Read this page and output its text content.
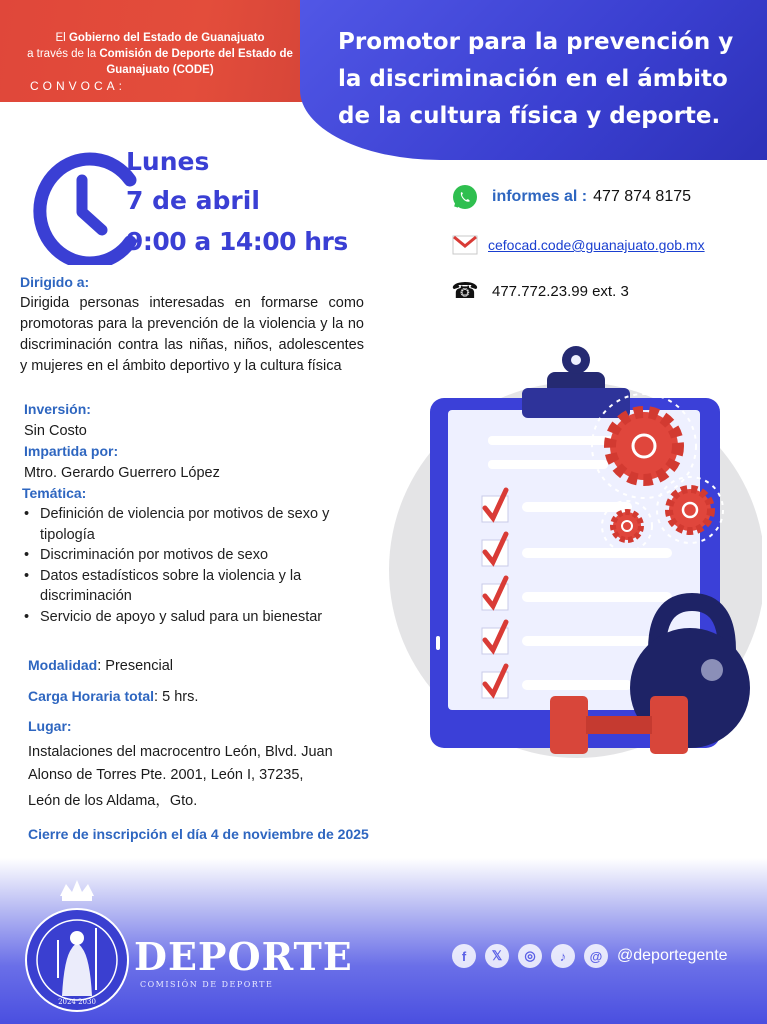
El Gobierno del Estado de Guanajuato
a través de la Comisión de Deporte del Estado de Guanajuato (CODE)
CONVOCA:
Promotor para la prevención y
la discriminación en el ámbito
de la cultura física y deporte.
Lunes
7 de abril
9:00 a 14:00 hrs
informes al : 477 874 8175
cefocad.code@guanajuato.gob.mx
☎ 477.772.23.99 ext. 3
Dirigido a:
Dirigida personas interesadas en formarse como promotoras para la prevención de la violencia y la no discriminación contra las niñas, niños, adolescentes y mujeres en el ámbito deportivo y la cultura física
Inversión:
Sin Costo
Impartida por:
Mtro. Gerardo Guerrero López
Temática:
• Definición de violencia por motivos de sexo y tipología
• Discriminación por motivos de sexo
• Datos estadísticos sobre la violencia y la discriminación
• Servicio de apoyo y salud para un bienestar
Modalidad: Presencial
Carga Horaria total: 5 hrs.
Lugar:
Instalaciones del macrocentro León, Blvd. Juan
Alonso de Torres Pte. 2001, León I, 37235,
León de los Aldama，Gto.
Cierre de inscripción el día 4 de noviembre de 2025
2024 2030
DEPORTE
COMISIÓN DE DEPORTE
f	𝕏	◎	♪	@ @deportegente
